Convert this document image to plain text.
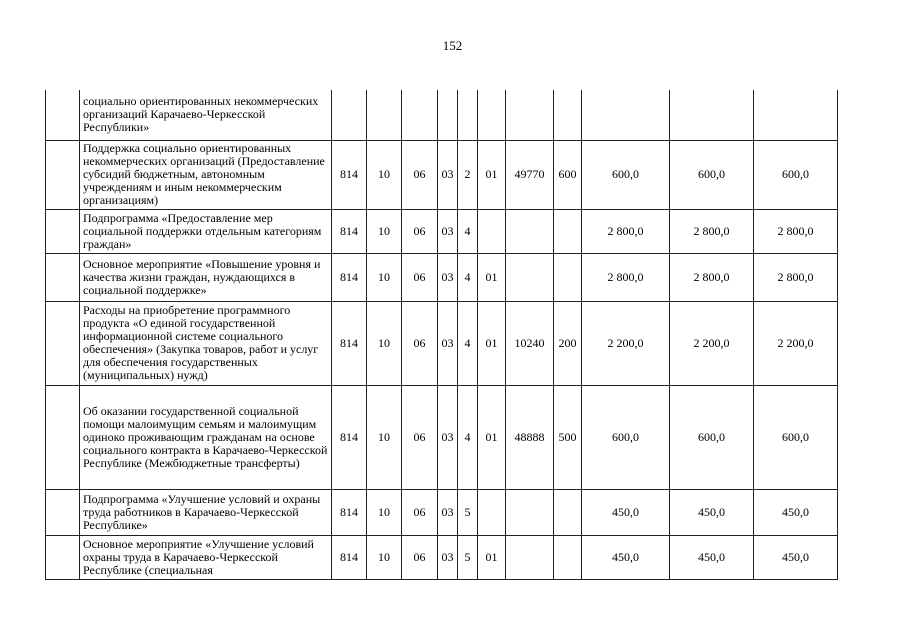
152
	социально ориентированных некоммерческих организаций Карачаево-Черкесской Республики»											
	Поддержка социально ориентированных некоммерческих организаций (Предоставление субсидий бюджетным, автономным учреждениям и иным некоммерческим организациям)	814	10	06	03	2	01	49770	600	600,0	600,0	600,0
	Подпрограмма «Предоставление мер социальной поддержки отдельным категориям граждан»	814	10	06	03	4				2 800,0	2 800,0	2 800,0
	Основное мероприятие «Повышение уровня и качества жизни граждан, нуждающихся в социальной поддержке»	814	10	06	03	4	01			2 800,0	2 800,0	2 800,0
	Расходы на приобретение программного продукта «О единой государственной информационной системе социального обеспечения» (Закупка товаров, работ и услуг для обеспечения государственных (муниципальных) нужд)	814	10	06	03	4	01	10240	200	2 200,0	2 200,0	2 200,0
	Об оказании государственной социальной помощи малоимущим семьям и малоимущим одиноко проживающим гражданам на основе социального контракта в Карачаево-Черкесской Республике (Межбюджетные трансферты)	814	10	06	03	4	01	48888	500	600,0	600,0	600,0
	Подпрограмма «Улучшение условий и охраны труда работников в Карачаево-Черкесской Республике»	814	10	06	03	5				450,0	450,0	450,0
	Основное мероприятие «Улучшение условий охраны труда в Карачаево-Черкесской Республике (специальная	814	10	06	03	5	01			450,0	450,0	450,0
